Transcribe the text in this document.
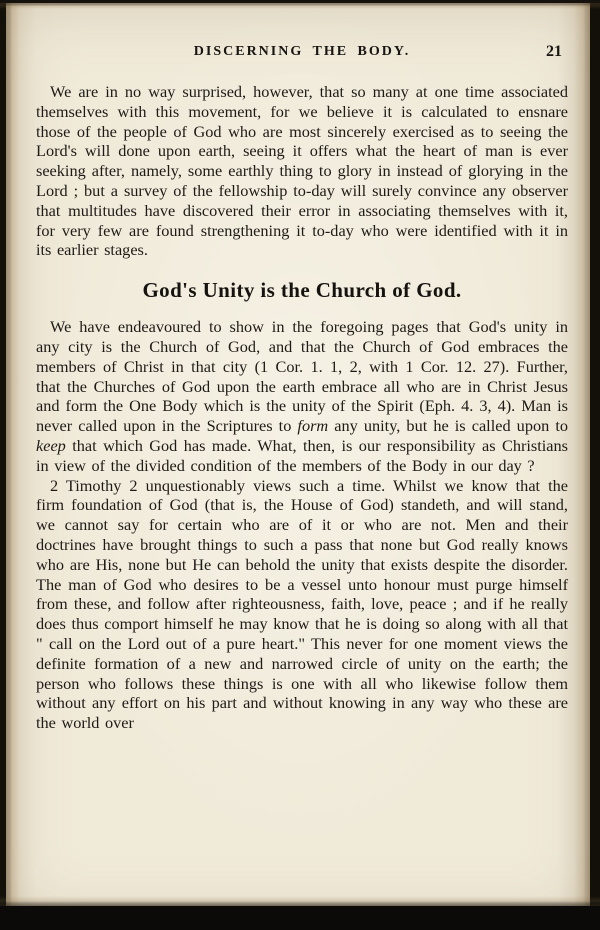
DISCERNING THE BODY.	21

We are in no way surprised, however, that so many at one time associated themselves with this movement, for we believe it is calculated to ensnare those of the people of God who are most sincerely exercised as to seeing the Lord's will done upon earth, seeing it offers what the heart of man is ever seeking after, namely, some earthly thing to glory in instead of glorying in the Lord ; but a survey of the fellowship to-day will surely convince any observer that multitudes have discovered their error in associating themselves with it, for very few are found strengthening it to-day who were identified with it in its earlier stages.

God's Unity is the Church of God.

We have endeavoured to show in the foregoing pages that God's unity in any city is the Church of God, and that the Church of God embraces the members of Christ in that city (1 Cor. 1. 1, 2, with 1 Cor. 12. 27). Further, that the Churches of God upon the earth embrace all who are in Christ Jesus and form the One Body which is the unity of the Spirit (Eph. 4. 3, 4). Man is never called upon in the Scriptures to form any unity, but he is called upon to keep that which God has made. What, then, is our responsibility as Christians in view of the divided condition of the members of the Body in our day ?

2 Timothy 2 unquestionably views such a time. Whilst we know that the firm foundation of God (that is, the House of God) standeth, and will stand, we cannot say for certain who are of it or who are not. Men and their doctrines have brought things to such a pass that none but God really knows who are His, none but He can behold the unity that exists despite the disorder. The man of God who desires to be a vessel unto honour must purge himself from these, and follow after righteousness, faith, love, peace ; and if he really does thus comport himself he may know that he is doing so along with all that " call on the Lord out of a pure heart." This never for one moment views the definite formation of a new and narrowed circle of unity on the earth; the person who follows these things is one with all who likewise follow them without any effort on his part and without knowing in any way who these are the world over
